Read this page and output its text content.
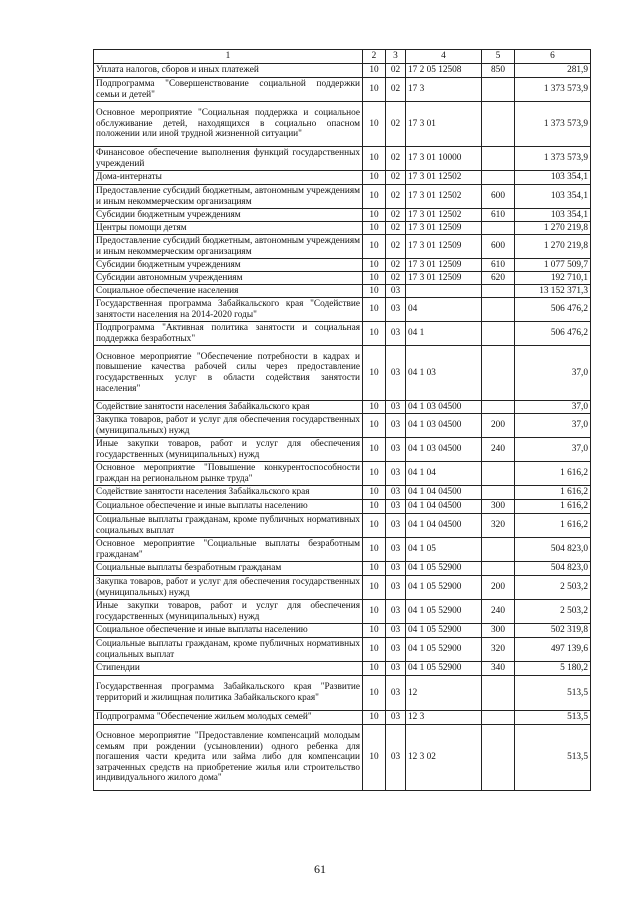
1	2	3	4	5	6
Уплата налогов, сборов и иных платежей	10	02	17 2 05 12508	850	281,9
Подпрограмма "Совершенствование социальной поддержки семьи и детей"	10	02	17 3		1 373 573,9
Основное мероприятие "Социальная поддержка и социальное обслуживание детей, находящихся в социально опасном положении или иной трудной жизненной ситуации"	10	02	17 3 01		1 373 573,9
Финансовое обеспечение выполнения функций государственных учреждений	10	02	17 3 01 10000		1 373 573,9
Дома-интернаты	10	02	17 3 01 12502		103 354,1
Предоставление субсидий бюджетным, автономным учреждениям и иным некоммерческим организациям	10	02	17 3 01 12502	600	103 354,1
Субсидии бюджетным учреждениям	10	02	17 3 01 12502	610	103 354,1
Центры помощи детям	10	02	17 3 01 12509		1 270 219,8
Предоставление субсидий бюджетным, автономным учреждениям и иным некоммерческим организациям	10	02	17 3 01 12509	600	1 270 219,8
Субсидии бюджетным учреждениям	10	02	17 3 01 12509	610	1 077 509,7
Субсидии автономным учреждениям	10	02	17 3 01 12509	620	192 710,1
Социальное обеспечение населения	10	03			13 152 371,3
Государственная программа Забайкальского края "Содействие занятости населения на 2014-2020 годы"	10	03	04		506 476,2
Подпрограмма "Активная политика занятости и социальная поддержка безработных"	10	03	04 1		506 476,2
Основное мероприятие "Обеспечение потребности в кадрах и повышение качества рабочей силы через предоставление государственных услуг в области содействия занятости населения"	10	03	04 1 03		37,0
Содействие занятости населения Забайкальского края	10	03	04 1 03 04500		37,0
Закупка товаров, работ и услуг для обеспечения государственных (муниципальных) нужд	10	03	04 1 03 04500	200	37,0
Иные закупки товаров, работ и услуг для обеспечения государственных (муниципальных) нужд	10	03	04 1 03 04500	240	37,0
Основное мероприятие "Повышение конкурентоспособности граждан на региональном рынке труда"	10	03	04 1 04		1 616,2
Содействие занятости населения Забайкальского края	10	03	04 1 04 04500		1 616,2
Социальное обеспечение и иные выплаты населению	10	03	04 1 04 04500	300	1 616,2
Социальные выплаты гражданам, кроме публичных нормативных социальных выплат	10	03	04 1 04 04500	320	1 616,2
Основное мероприятие "Социальные выплаты безработным гражданам"	10	03	04 1 05		504 823,0
Социальные выплаты безработным гражданам	10	03	04 1 05 52900		504 823,0
Закупка товаров, работ и услуг для обеспечения государственных (муниципальных) нужд	10	03	04 1 05 52900	200	2 503,2
Иные закупки товаров, работ и услуг для обеспечения государственных (муниципальных) нужд	10	03	04 1 05 52900	240	2 503,2
Социальное обеспечение и иные выплаты населению	10	03	04 1 05 52900	300	502 319,8
Социальные выплаты гражданам, кроме публичных нормативных социальных выплат	10	03	04 1 05 52900	320	497 139,6
Стипендии	10	03	04 1 05 52900	340	5 180,2
Государственная программа Забайкальского края "Развитие территорий и жилищная политика Забайкальского края"	10	03	12		513,5
Подпрограмма "Обеспечение жильем молодых семей"	10	03	12 3		513,5
Основное мероприятие "Предоставление компенсаций молодым семьям при рождении (усыновлении) одного ребенка для погашения части кредита или займа либо для компенсации затраченных средств на приобретение жилья или строительство индивидуального жилого дома"	10	03	12 3 02		513,5
61
